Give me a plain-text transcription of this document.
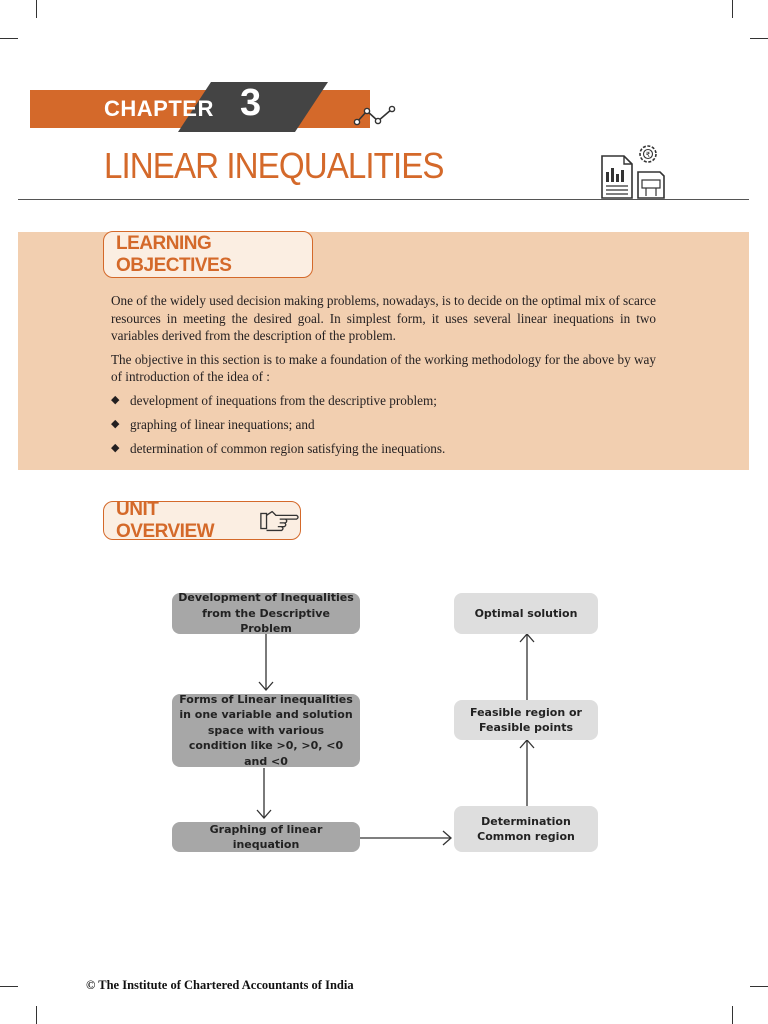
CHAPTER 3
LINEAR INEQUALITIES	₹
LEARNING OBJECTIVES

One of the widely used decision making problems, nowadays, is to decide on the optimal mix of scarce resources in meeting the desired goal. In simplest form, it uses several linear inequations in two variables derived from the description of the problem.

The objective in this section is to make a foundation of the working methodology for the above by way of introduction of the idea of :

◆ development of inequations from the descriptive problem;
◆ graphing of linear inequations; and
◆ determination of common region satisfying the inequations.
UNIT OVERVIEW
Development of Inequalities from the Descriptive Problem
Forms of Linear inequalities in one variable and solution space with various condition like >0, >0, <0 and <0
Graphing of linear inequation
Determination Common region
Feasible region or Feasible points
Optimal solution
© The Institute of Chartered Accountants of India
